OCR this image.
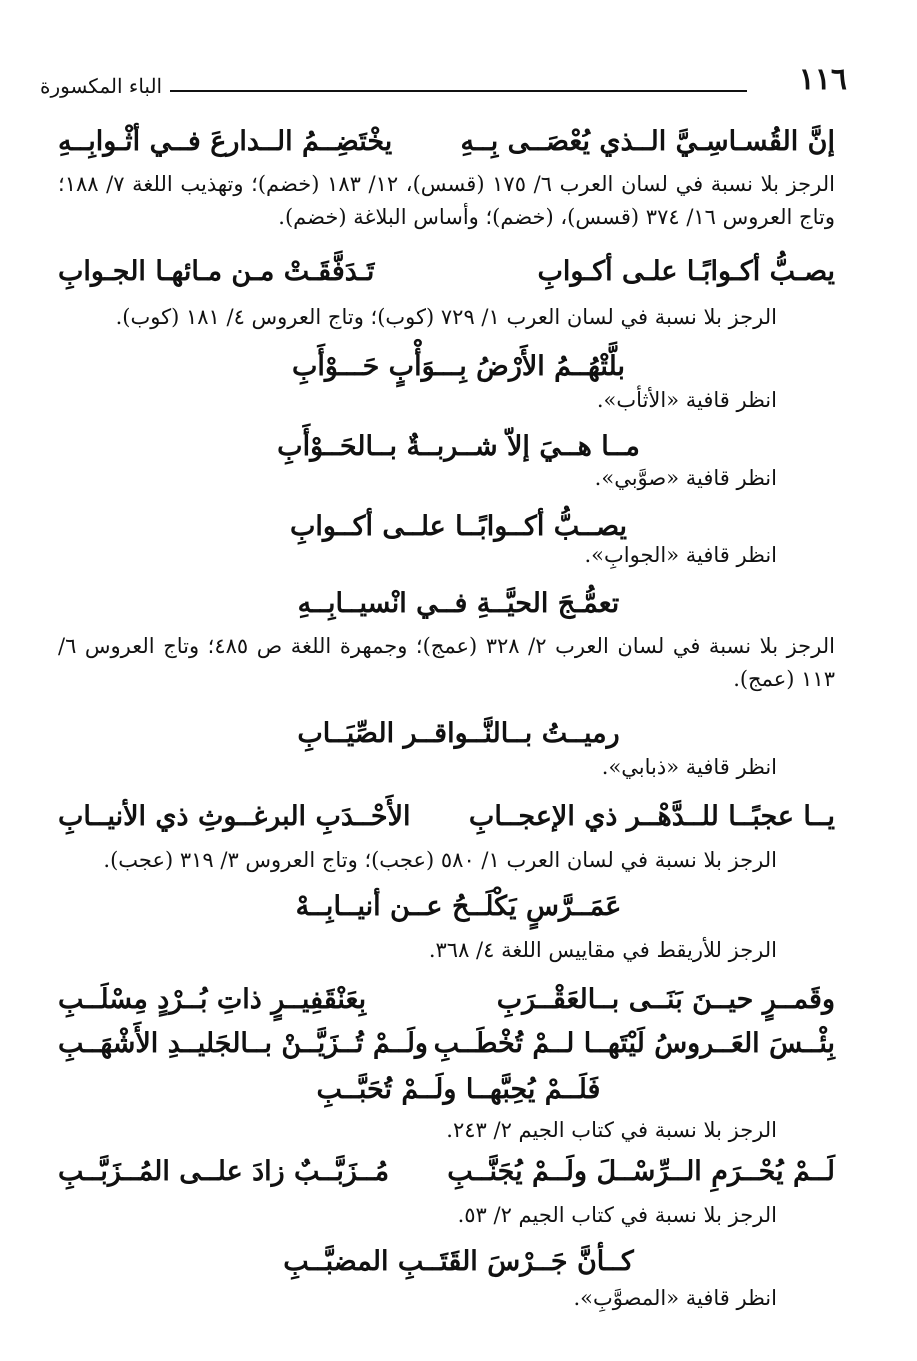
١١٦
الباء المكسورة
إنَّ القُسـاسِـيَّ الــذي يُعْصَــى بِــهِ
يخْتَضِــمُ الــدارعَ فــي أثْـوابِــهِ
الرجز بلا نسبة في لسان العرب ٦/ ١٧٥ (قسس)، ١٢/ ١٨٣ (خضم)؛ وتهذيب اللغة ٧/ ١٨٨؛ وتاج العروس ١٦/ ٣٧٤ (قسس)، (خضم)؛ وأساس البلاغة (خضم).
يصـبُّ أكـوابًـا علـى أكـوابِ
تَـدَفَّقَـتْ مـن مـائهـا الجـوابِ
الرجز بلا نسبة في لسان العرب ١/ ٧٢٩ (كوب)؛ وتاج العروس ٤/ ١٨١ (كوب).
بلَّتْهُــمُ الأَرْضُ بِـــوَأْبٍ حَـــوْأَبِ
انظر قافية «الأثأب».
مــا هــيَ إلاّ شــربــةٌ بــالحَــوْأَبِ
انظر قافية «صوَّبي».
يصــبُّ أكــوابًــا علــى أكــوابِ
انظر قافية «الجوابِ».
تعمُّـجَ الحيَّــةِ فــي انْسيــابِــهِ
الرجز بلا نسبة في لسان العرب ٢/ ٣٢٨ (عمج)؛ وجمهرة اللغة ص ٤٨٥؛ وتاج العروس ٦/ ١١٣ (عمج).
رميــتُ بــالنَّــواقــر الصِّيَــابِ
انظر قافية «ذبابي».
يــا عجبًــا للــدَّهْــر ذي الإعجــابِ
الأَحْــدَبِ البرغــوثِ ذي الأنيــابِ
الرجز بلا نسبة في لسان العرب ١/ ٥٨٠ (عجب)؛ وتاج العروس ٣/ ٣١٩ (عجب).
عَمَــرَّسٍ يَكْلَــحُ عــن أنيــابِــهْ
الرجز للأريقط في مقاييس اللغة ٤/ ٣٦٨.
وقَمــرٍ حيــنَ بَنَــى بــالعَقْــرَبِ
بِعَنْقَفِيــرٍ ذاتِ بُــرْدٍ مِسْلَــبِ
بِئْــسَ العَــروسُ لَيْتَهــا لــمْ تُخْطَــبِ
ولَــمْ تُــزَيَّــنْ بــالجَليــدِ الأَشْهَــبِ
فَلَــمْ يُحِبَّهــا ولَــمْ تُحَبَّــبِ
الرجز بلا نسبة في كتاب الجيم ٢/ ٢٤٣.
لَــمْ يُحْــرَمِ الــرِّسْــلَ ولَــمْ يُجَنَّــبِ
مُــزَبَّــبٌ زادَ علــى المُــزَبَّــبِ
الرجز بلا نسبة في كتاب الجيم ٢/ ٥٣.
كــأنَّ جَــرْسَ القَتَــبِ المضبَّــبِ
انظر قافية «المصوَّبِ».
